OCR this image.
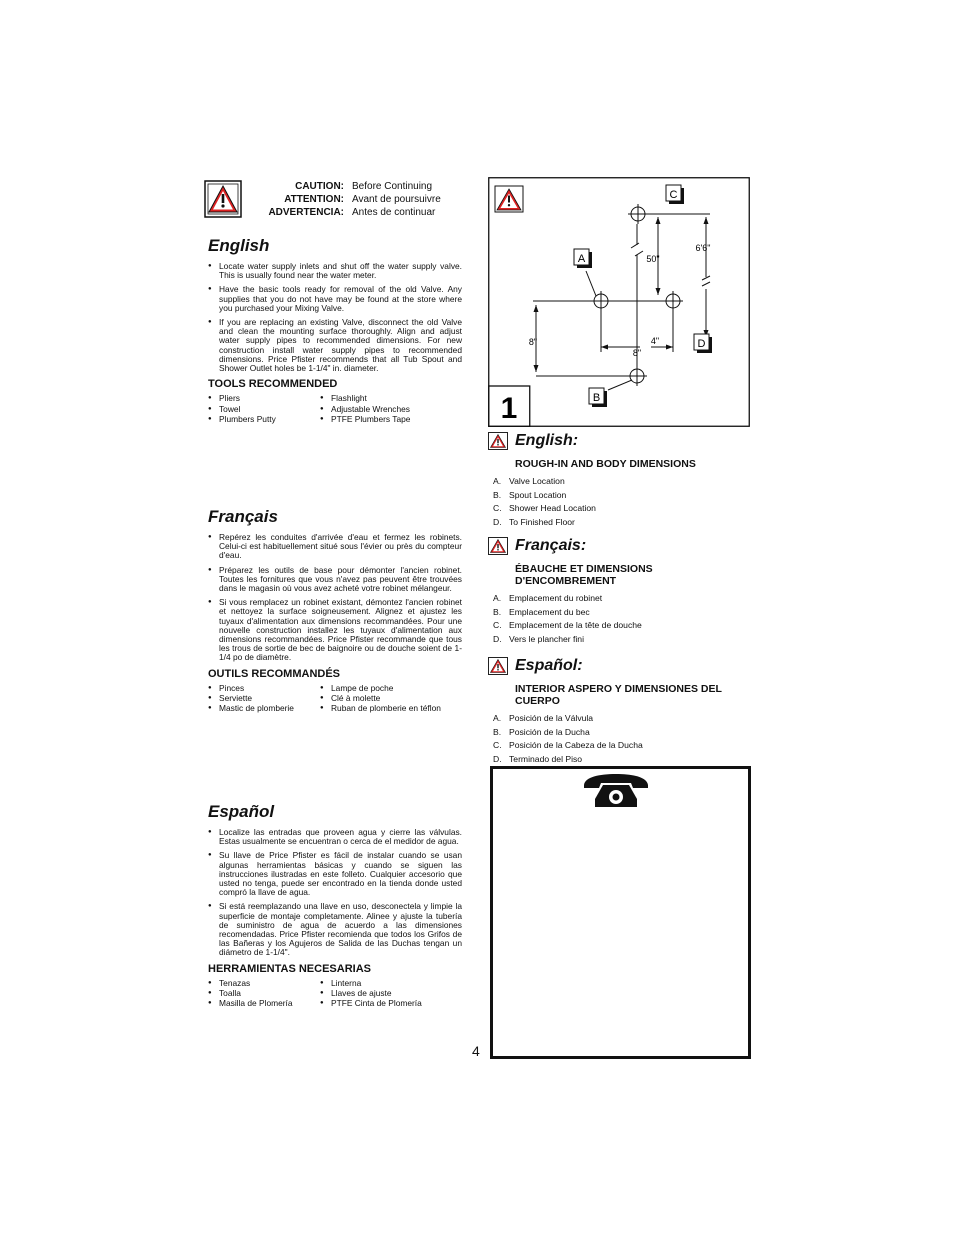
CAUTION: Before Continuing
ATTENTION: Avant de poursuivre
ADVERTENCIA: Antes de continuar
English
● Locate water supply inlets and shut off the water supply valve. This is usually found near the water meter.
● Have the basic tools ready for removal of the old Valve. Any supplies that you do not have may be found at the store where you purchased your Mixing Valve.
● If you are replacing an existing Valve, disconnect the old Valve and clean the mounting surface thoroughly. Align and adjust water supply pipes to recommended dimensions. For new construction install water supply pipes to recommended dimensions. Price Pfister recommends that all Tub Spout and Shower Outlet holes be 1-1/4" in. diameter.
TOOLS RECOMMENDED
● Pliers	● Flashlight
● Towel	● Adjustable Wrenches
● Plumbers Putty	● PTFE Plumbers Tape
Français
● Repérez les conduites d'arrivée d'eau et fermez les robinets. Celui-ci est habituellement situé sous l'évier ou près du compteur d'eau.
● Préparez les outils de base pour démonter l'ancien robinet. Toutes les fornitures que vous n'avez pas peuvent être trouvées dans le magasin où vous avez acheté votre robinet mélangeur.
● Si vous remplacez un robinet existant, démontez l'ancien robinet et nettoyez la surface soigneusement. Alignez et ajustez les tuyaux d'alimentation aux dimensions recommandées. Pour une nouvelle construction installez les tuyaux d'alimentation aux dimensions recommandées. Price Pfister recommande que tous les trous de sortie de bec de baignoire ou de douche soient de 1-1/4 po de diamètre.
OUTILS RECOMMANDÉS
● Pinces	● Lampe de poche
● Serviette	● Clé à molette
● Mastic de plomberie	● Ruban de plomberie en téflon
Español
● Localize las entradas que proveen agua y cierre las válvulas. Estas usualmente se encuentran o cerca de el medidor de agua.
● Su llave de Price Pfister es fácil de instalar cuando se usan algunas herramientas básicas y cuando se siguen las instrucciones ilustradas en este folleto. Cualquier accesorio que usted no tenga, puede ser encontrado en la tienda donde usted compró la llave de agua.
● Si está reemplazando una llave en uso, desconectela y limpie la superficie de montaje completamente. Alinee y ajuste la tubería de suministro de agua de acuerdo a las dimensiones recomendadas. Price Pfister recomienda que todos los Grifos de las Bañeras y los Agujeros de Salida de las Duchas tengan un diámetro de 1-1/4".
HERRAMIENTAS NECESARIAS
● Tenazas	● Linterna
● Toalla	● Llaves de ajuste
● Masilla de Plomería	● PTFE Cinta de Plomería
4
C
A
D
B
50"
6'6"
8"	4"
8"
1
English:
ROUGH-IN AND BODY DIMENSIONS
A. Valve Location
B. Spout Location
C. Shower Head Location
D. To Finished Floor
Français:
ÉBAUCHE ET DIMENSIONS D'ENCOMBREMENT
A. Emplacement du robinet
B. Emplacement du bec
C. Emplacement de la tête de douche
D. Vers le plancher fini
Español:
INTERIOR ASPERO Y DIMENSIONES DEL CUERPO
A. Posición de la Válvula
B. Posición de la Ducha
C. Posición de la Cabeza de la Ducha
D. Terminado del Piso
